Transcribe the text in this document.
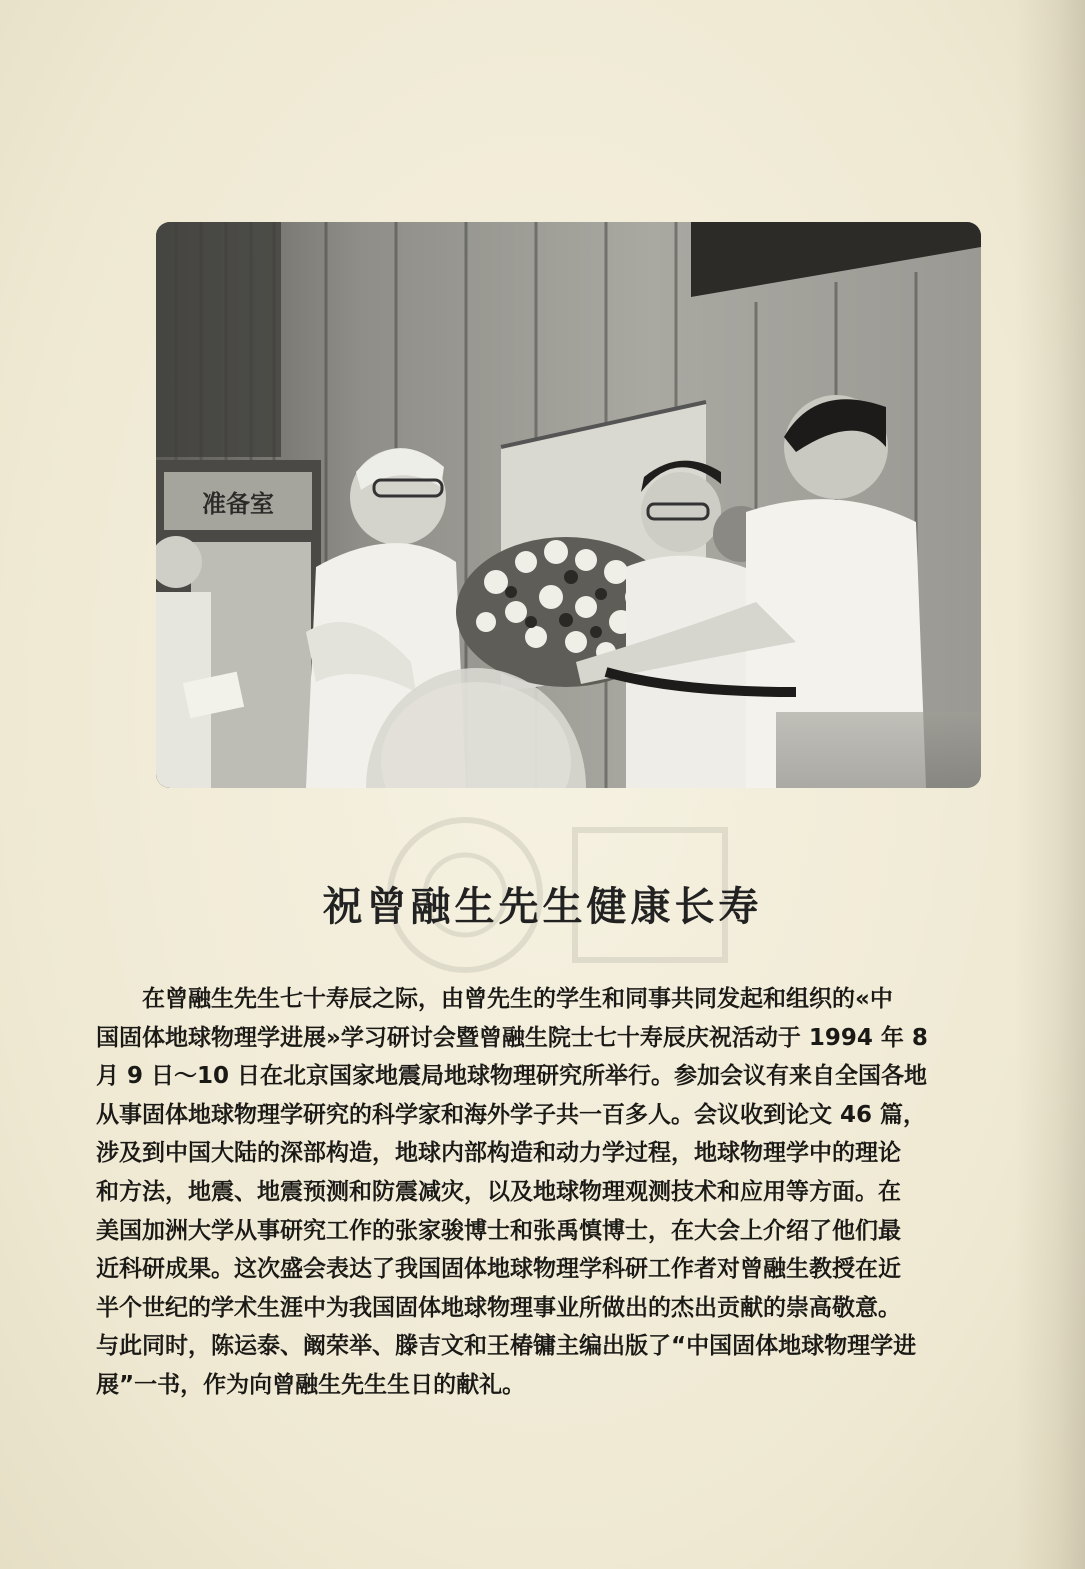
准备室
祝曾融生先生健康长寿

在曾融生先生七十寿辰之际，由曾先生的学生和同事共同发起和组织的«中
国固体地球物理学进展»学习研讨会暨曾融生院士七十寿辰庆祝活动于 1994 年 8
月 9 日～10 日在北京国家地震局地球物理研究所举行。参加会议有来自全国各地
从事固体地球物理学研究的科学家和海外学子共一百多人。会议收到论文 46 篇，
涉及到中国大陆的深部构造，地球内部构造和动力学过程，地球物理学中的理论
和方法，地震、地震预测和防震减灾，以及地球物理观测技术和应用等方面。在
美国加洲大学从事研究工作的张家骏博士和张禹慎博士，在大会上介绍了他们最
近科研成果。这次盛会表达了我国固体地球物理学科研工作者对曾融生教授在近
半个世纪的学术生涯中为我国固体地球物理事业所做出的杰出贡献的崇高敬意。
与此同时，陈运泰、阚荣举、滕吉文和王椿镛主编出版了“中国固体地球物理学进
展”一书，作为向曾融生先生生日的献礼。
